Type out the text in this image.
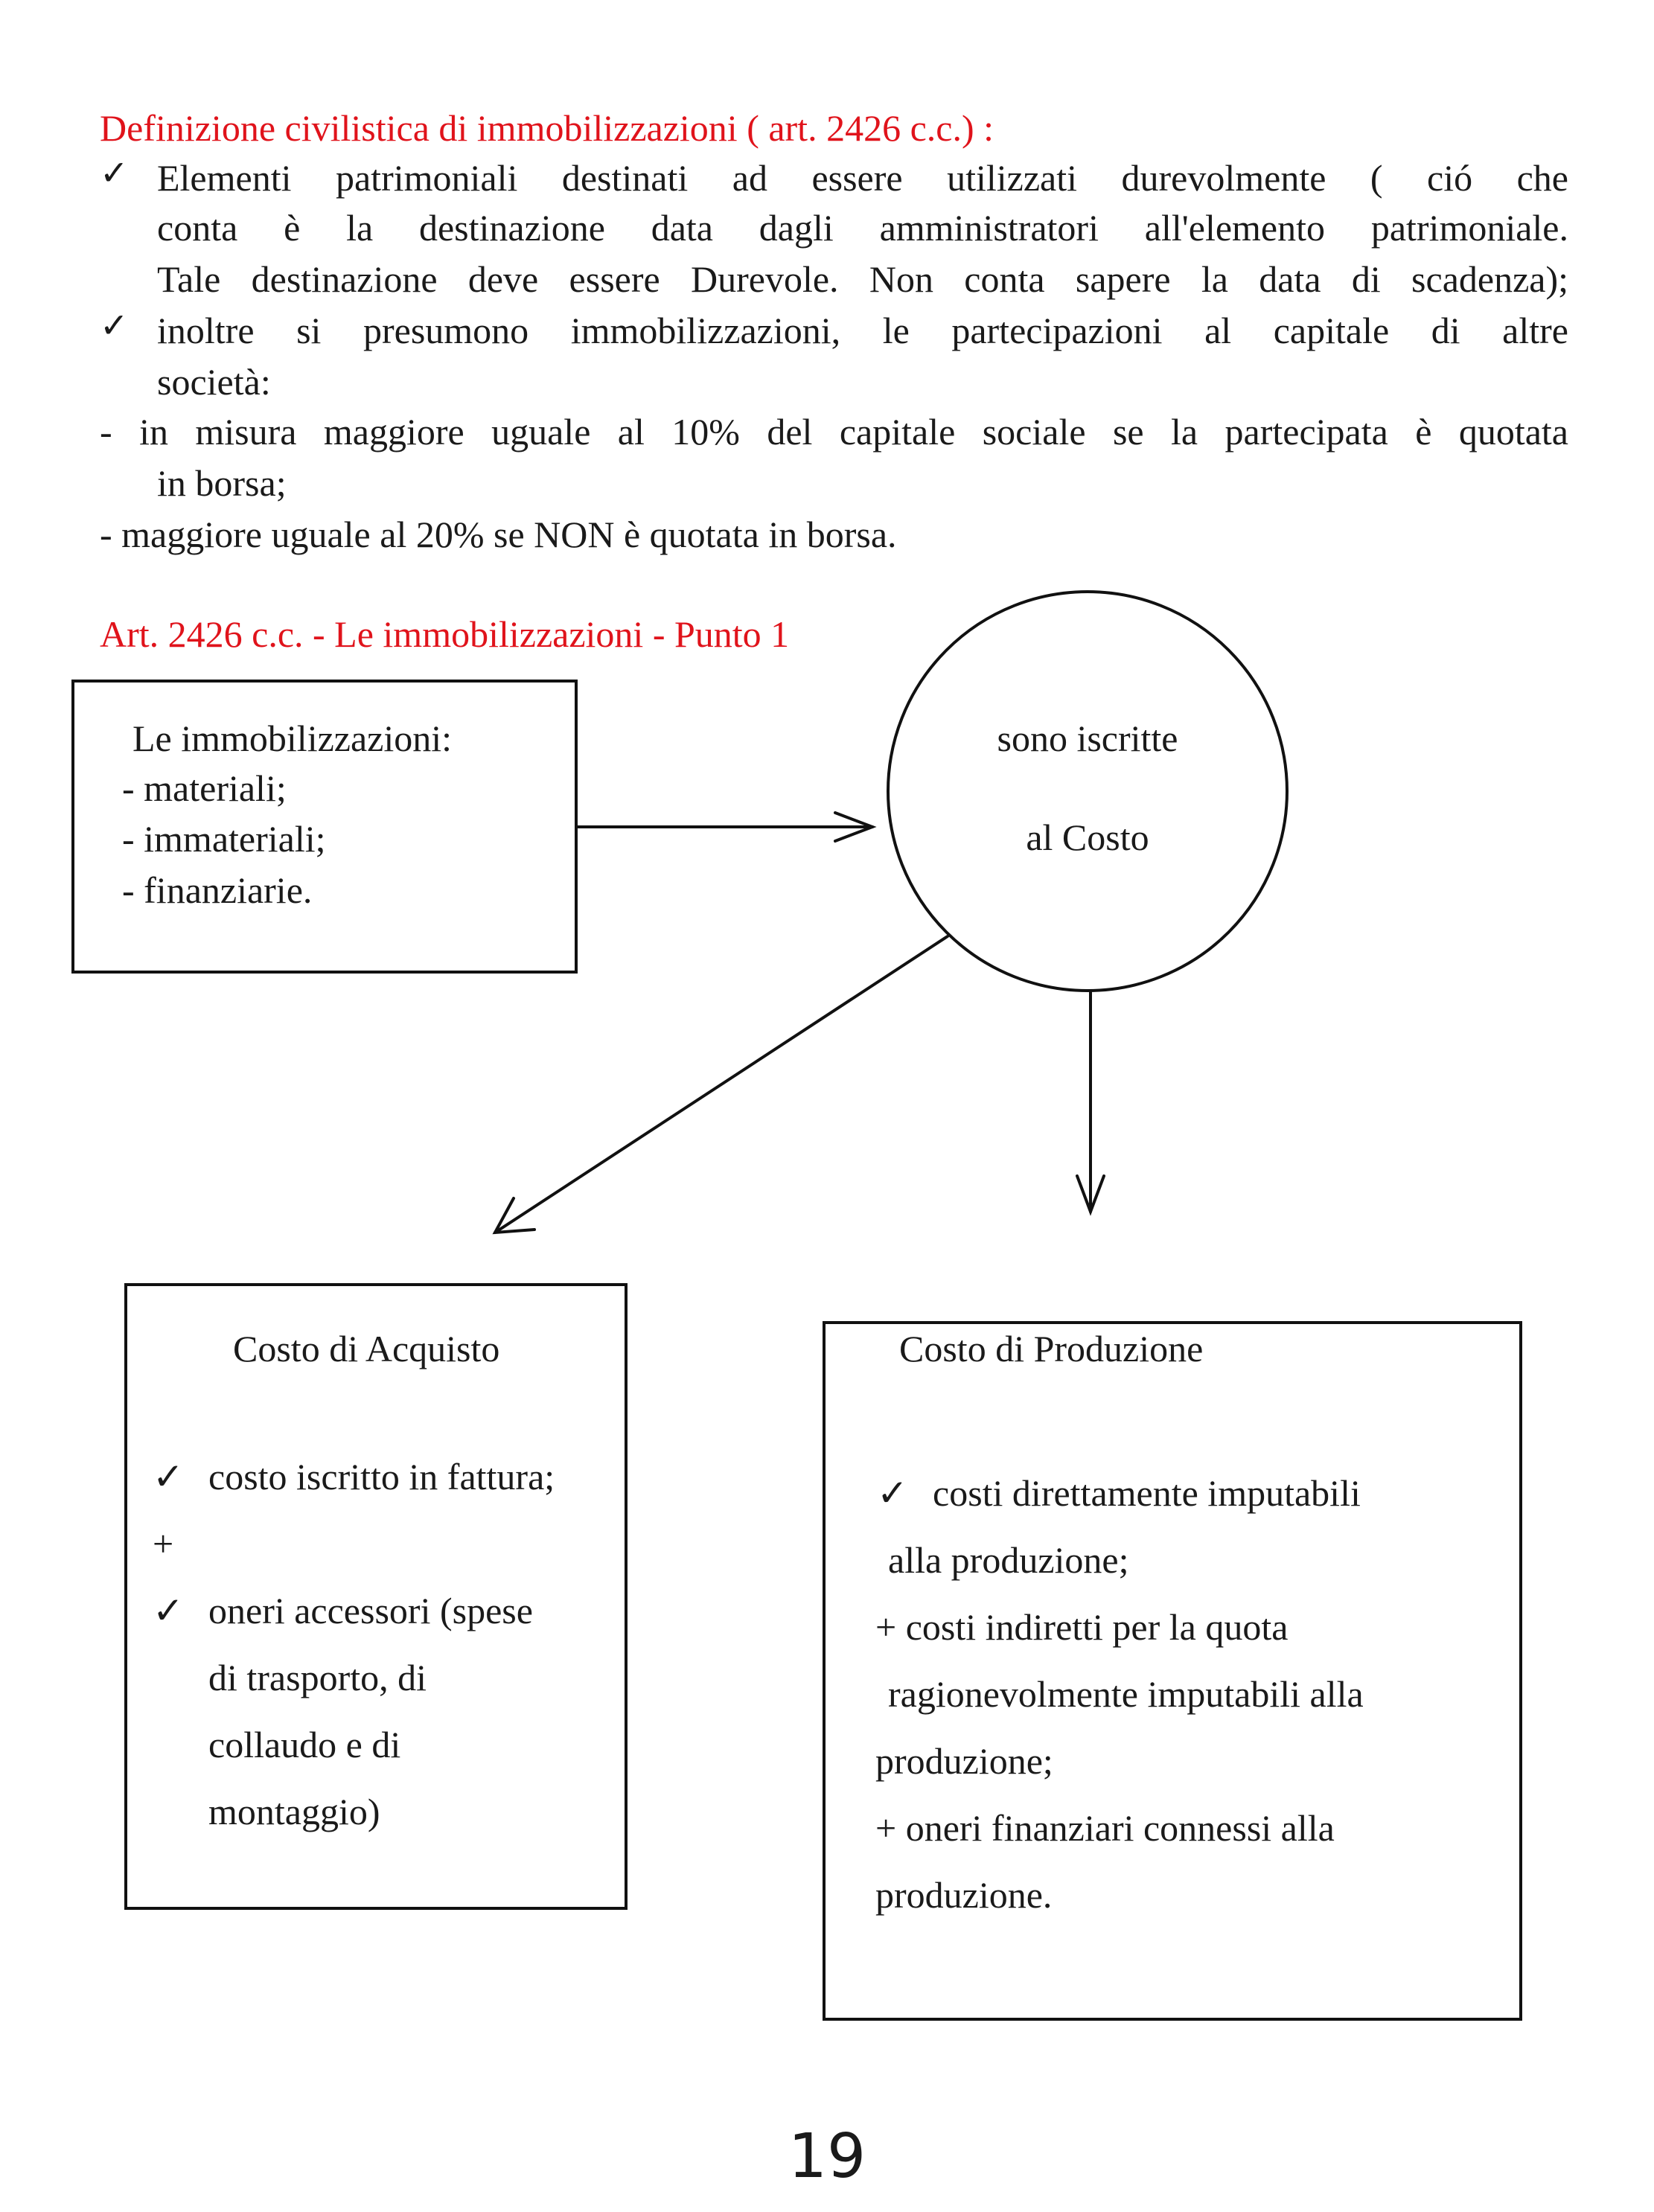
Definizione civilistica di immobilizzazioni ( art. 2426 c.c.) :
✓ Elementi patrimoniali destinati ad essere utilizzati durevolmente ( ció che
conta è la destinazione data dagli amministratori all'elemento patrimoniale.
Tale destinazione deve essere Durevole. Non conta sapere la data di scadenza);
✓ inoltre si presumono immobilizzazioni, le partecipazioni al capitale di altre
società:
- in misura maggiore uguale al 10% del capitale sociale se la partecipata è quotata
in borsa;
- maggiore uguale al 20% se NON è quotata in borsa.
Art. 2426 c.c. - Le immobilizzazioni - Punto 1
Le immobilizzazioni:
- materiali;
- immateriali;
- finanziarie.
sono iscritte
al Costo
Costo di Acquisto
✓ costo iscritto in fattura;
+
✓ oneri accessori (spese
di trasporto, di
collaudo e di
montaggio)
Costo di Produzione
✓ costi direttamente imputabili
alla produzione;
+ costi indiretti per la quota
ragionevolmente imputabili alla
produzione;
+ oneri finanziari connessi alla
produzione.
19
